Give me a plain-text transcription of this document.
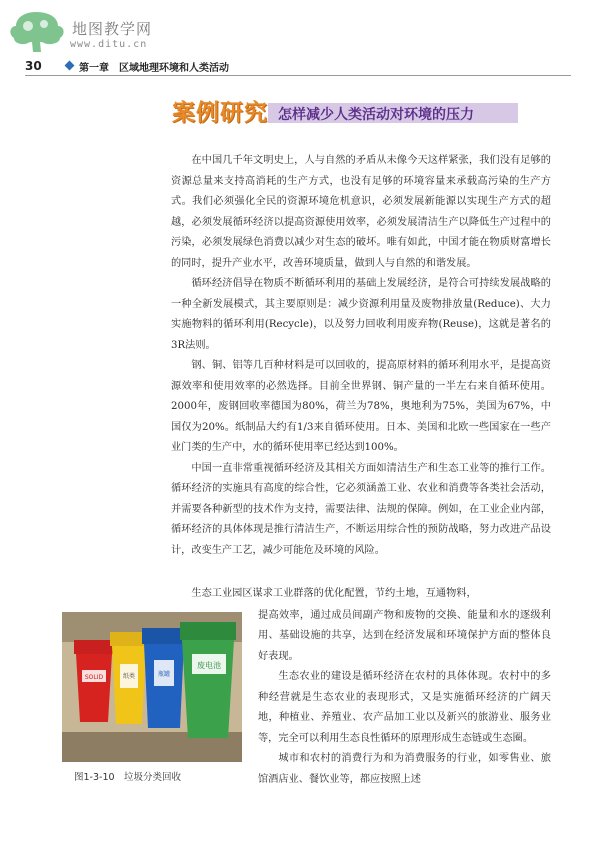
地图教学网
www.ditu.cn
30	第一章　区域地理环境和人类活动
案例研究 怎样减少人类活动对环境的压力

在中国几千年文明史上，人与自然的矛盾从未像今天这样紧张，我们没有足够的资源总量来支持高消耗的生产方式，也没有足够的环境容量来承载高污染的生产方式。我们必须强化全民的资源环境危机意识，必须发展新能源以实现生产方式的超越，必须发展循环经济以提高资源使用效率，必须发展清洁生产以降低生产过程中的污染，必须发展绿色消费以减少对生态的破坏。唯有如此，中国才能在物质财富增长的同时，提升产业水平，改善环境质量，做到人与自然的和谐发展。

循环经济倡导在物质不断循环利用的基础上发展经济，是符合可持续发展战略的一种全新发展模式，其主要原则是：减少资源利用量及废物排放量(Reduce)、大力实施物料的循环利用(Recycle)，以及努力回收利用废弃物(Reuse)，这就是著名的3R法则。

钢、铜、铝等几百种材料是可以回收的，提高原材料的循环利用水平，是提高资源效率和使用效率的必然选择。目前全世界钢、铜产量的一半左右来自循环使用。2000年，废钢回收率德国为80%，荷兰为78%，奥地利为75%，美国为67%，中国仅为20%。纸制品大约有1/3来自循环使用。日本、美国和北欧一些国家在一些产业门类的生产中，水的循环使用率已经达到100%。

中国一直非常重视循环经济及其相关方面如清洁生产和生态工业等的推行工作。循环经济的实施具有高度的综合性，它必须涵盖工业、农业和消费等各类社会活动，并需要各种新型的技术作为支持，需要法律、法规的保障。例如，在工业企业内部，循环经济的具体体现是推行清洁生产，不断运用综合性的预防战略，努力改进产品设计，改变生产工艺，减少可能危及环境的风险。

生态工业园区谋求工业群落的优化配置，节约土地，互通物料，

提高效率，通过成员间副产物和废物的交换、能量和水的逐级利用、基础设施的共享，达到在经济发展和环境保护方面的整体良好表现。

生态农业的建设是循环经济在农村的具体体现。农村中的多种经营就是生态农业的表现形式，又是实施循环经济的广阔天地，种植业、养殖业、农产品加工业以及新兴的旅游业、服务业等，完全可以利用生态良性循环的原理形成生态链或生态圈。

城市和农村的消费行为和为消费服务的行业，如零售业、旅馆酒店业、餐饮业等，都应按照上述

SOLID	纸类	瓶罐
废电池
图1-3-10　垃圾分类回收
